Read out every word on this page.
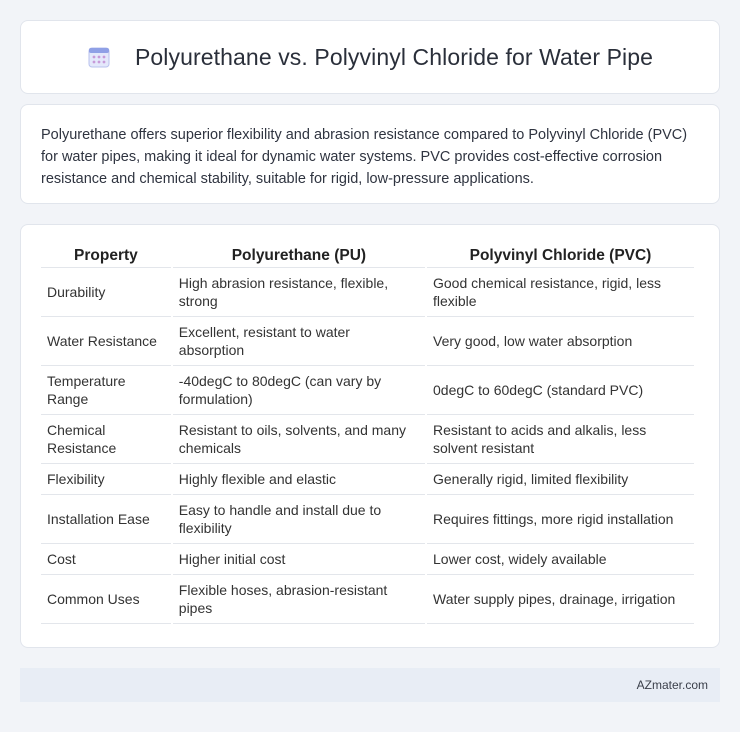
Polyurethane vs. Polyvinyl Chloride for Water Pipe

Polyurethane offers superior flexibility and abrasion resistance compared to Polyvinyl Chloride (PVC) for water pipes, making it ideal for dynamic water systems. PVC provides cost-effective corrosion resistance and chemical stability, suitable for rigid, low-pressure applications.

Property	Polyurethane (PU)	Polyvinyl Chloride (PVC)
Durability	High abrasion resistance, flexible, strong	Good chemical resistance, rigid, less flexible
Water Resistance	Excellent, resistant to water absorption	Very good, low water absorption
Temperature Range	-40degC to 80degC (can vary by formulation)	0degC to 60degC (standard PVC)
Chemical Resistance	Resistant to oils, solvents, and many chemicals	Resistant to acids and alkalis, less solvent resistant
Flexibility	Highly flexible and elastic	Generally rigid, limited flexibility
Installation Ease	Easy to handle and install due to flexibility	Requires fittings, more rigid installation
Cost	Higher initial cost	Lower cost, widely available
Common Uses	Flexible hoses, abrasion-resistant pipes	Water supply pipes, drainage, irrigation
AZmater.com
